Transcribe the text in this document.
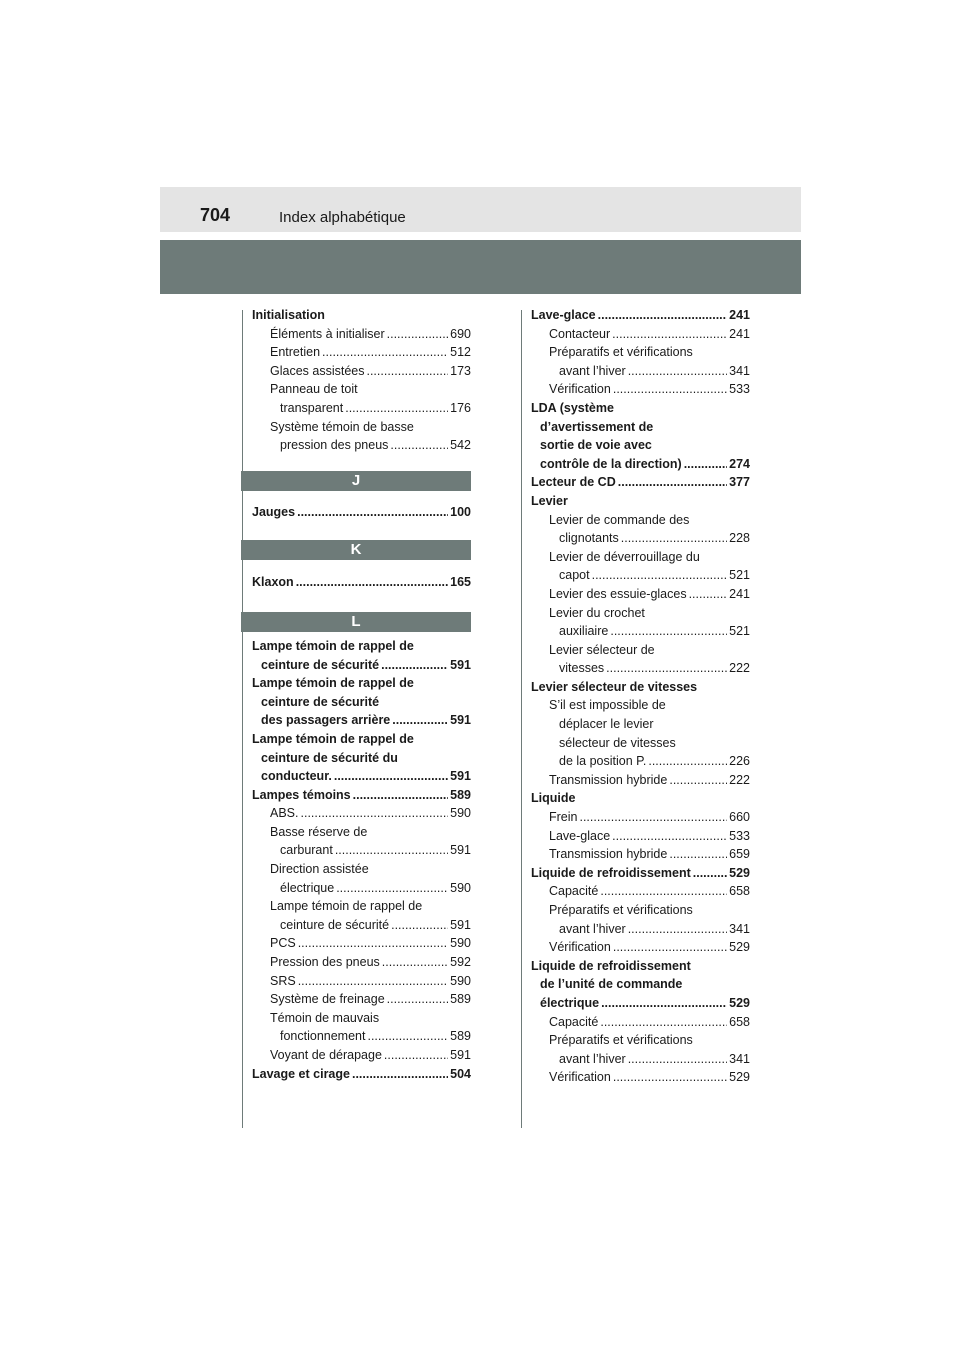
704	Index alphabétique
Initialisation
Éléments à initialiser .....	690
Entretien .....	512
Glaces assistées .....	173
Panneau de toit
transparent .....	176
Système témoin de basse
pression des pneus .....	542
J
Jauges .....	100
K
Klaxon .....	165
L
Lampe témoin de rappel de
ceinture de sécurité .....	591
Lampe témoin de rappel de
ceinture de sécurité
des passagers arrière .....	591
Lampe témoin de rappel de
ceinture de sécurité du
conducteur. .....	591
Lampes témoins .....	589
ABS. .....	590
Basse réserve de
carburant .....	591
Direction assistée
électrique .....	590
Lampe témoin de rappel de
ceinture de sécurité .....	591
PCS .....	590
Pression des pneus .....	592
SRS .....	590
Système de freinage .....	589
Témoin de mauvais
fonctionnement .....	589
Voyant de dérapage .....	591
Lavage et cirage .....	504
Lave-glace .....	241
Contacteur .....	241
Préparatifs et vérifications
avant l’hiver .....	341
Vérification .....	533
LDA (système
d’avertissement de
sortie de voie avec
contrôle de la direction) .....	274
Lecteur de CD .....	377
Levier
Levier de commande des
clignotants .....	228
Levier de déverrouillage du
capot .....	521
Levier des essuie-glaces .....	241
Levier du crochet
auxiliaire .....	521
Levier sélecteur de
vitesses .....	222
Levier sélecteur de vitesses
S’il est impossible de
déplacer le levier
sélecteur de vitesses
de la position P. .....	226
Transmission hybride .....	222
Liquide
Frein .....	660
Lave-glace .....	533
Transmission hybride .....	659
Liquide de refroidissement .....	529
Capacité .....	658
Préparatifs et vérifications
avant l’hiver .....	341
Vérification .....	529
Liquide de refroidissement
de l’unité de commande
électrique .....	529
Capacité .....	658
Préparatifs et vérifications
avant l’hiver .....	341
Vérification .....	529
